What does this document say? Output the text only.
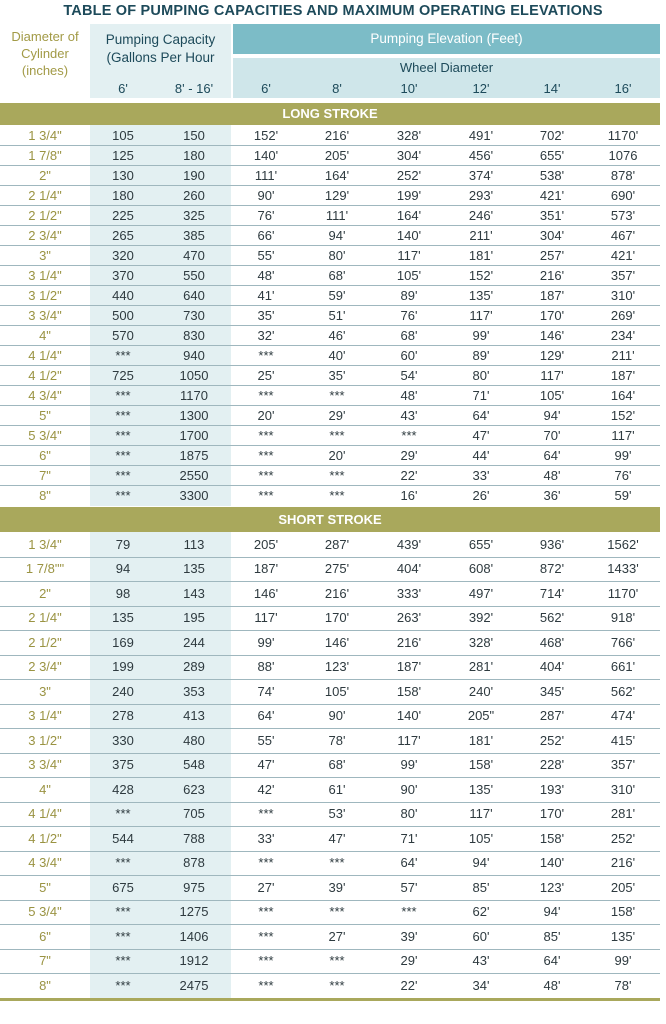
TABLE OF PUMPING CAPACITIES AND MAXIMUM OPERATING ELEVATIONS
Diameter of
Cylinder
(inches)
Pumping Capacity
(Gallons Per Hour
6'	8' - 16'
Pumping Elevation (Feet)
Wheel Diameter
6'	8'	10'	12'	14'	16'
LONG STROKE
SHORT STROKE
1 3/4"	105	150	152'	216'	328'	491'	702'	1170'
1 7/8"	125	180	140'	205'	304'	456'	655'	1076
2"	130	190	111'	164'	252'	374'	538'	878'
2 1/4"	180	260	90'	129'	199'	293'	421'	690'
2 1/2"	225	325	76'	111'	164'	246'	351'	573'
2 3/4"	265	385	66'	94'	140'	211'	304'	467'
3"	320	470	55'	80'	117'	181'	257'	421'
3 1/4"	370	550	48'	68'	105'	152'	216'	357'
3 1/2"	440	640	41'	59'	89'	135'	187'	310'
3 3/4"	500	730	35'	51'	76'	117'	170'	269'
4"	570	830	32'	46'	68'	99'	146'	234'
4 1/4"	***	940	***	40'	60'	89'	129'	211'
4 1/2"	725	1050	25'	35'	54'	80'	117'	187'
4 3/4"	***	1170	***	***	48'	71'	105'	164'
5"	***	1300	20'	29'	43'	64'	94'	152'
5 3/4"	***	1700	***	***	***	47'	70'	117'
6"	***	1875	***	20'	29'	44'	64'	99'
7"	***	2550	***	***	22'	33'	48'	76'
8"	***	3300	***	***	16'	26'	36'	59'
1 3/4"	79	113	205'	287'	439'	655'	936'	1562'
1 7/8""	94	135	187'	275'	404'	608'	872'	1433'
2"	98	143	146'	216'	333'	497'	714'	1170'
2 1/4"	135	195	117'	170'	263'	392'	562'	918'
2 1/2"	169	244	99'	146'	216'	328'	468'	766'
2 3/4"	199	289	88'	123'	187'	281'	404'	661'
3"	240	353	74'	105'	158'	240'	345'	562'
3 1/4"	278	413	64'	90'	140'	205"	287'	474'
3 1/2"	330	480	55'	78'	117'	181'	252'	415'
3 3/4"	375	548	47'	68'	99'	158'	228'	357'
4"	428	623	42'	61'	90'	135'	193'	310'
4 1/4"	***	705	***	53'	80'	117'	170'	281'
4 1/2"	544	788	33'	47'	71'	105'	158'	252'
4 3/4"	***	878	***	***	64'	94'	140'	216'
5"	675	975	27'	39'	57'	85'	123'	205'
5 3/4"	***	1275	***	***	***	62'	94'	158'
6"	***	1406	***	27'	39'	60'	85'	135'
7"	***	1912	***	***	29'	43'	64'	99'
8"	***	2475	***	***	22'	34'	48'	78'
